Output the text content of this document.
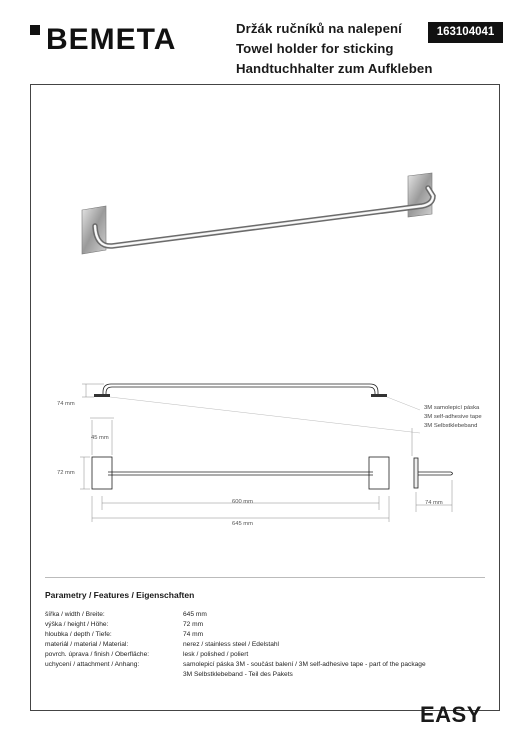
BEMETA	Držák ručníků na nalepení
Towel holder for sticking
Handtuchhalter zum Aufkleben
163104041
74 mm
45 mm
72 mm
600 mm
645 mm
74 mm
3M samolepicí páska
3M self-adhesive tape
3M Selbstklebeband
Parametry / Features / Eigenschaften
šířka / width / Breite:	645 mm
výška / height / Höhe:	72 mm
hloubka / depth / Tiefe:	74 mm
materiál / material / Material:	nerez / stainless steel / Edelstahl
povrch. úprava / finish / Oberfläche:	lesk / polished / poliert
uchycení / attachment / Anhang:	samolepicí páska 3M - součást balení / 3M self-adhesive tape - part of the package
3M Selbstklebeband - Teil des Pakets
EASY
